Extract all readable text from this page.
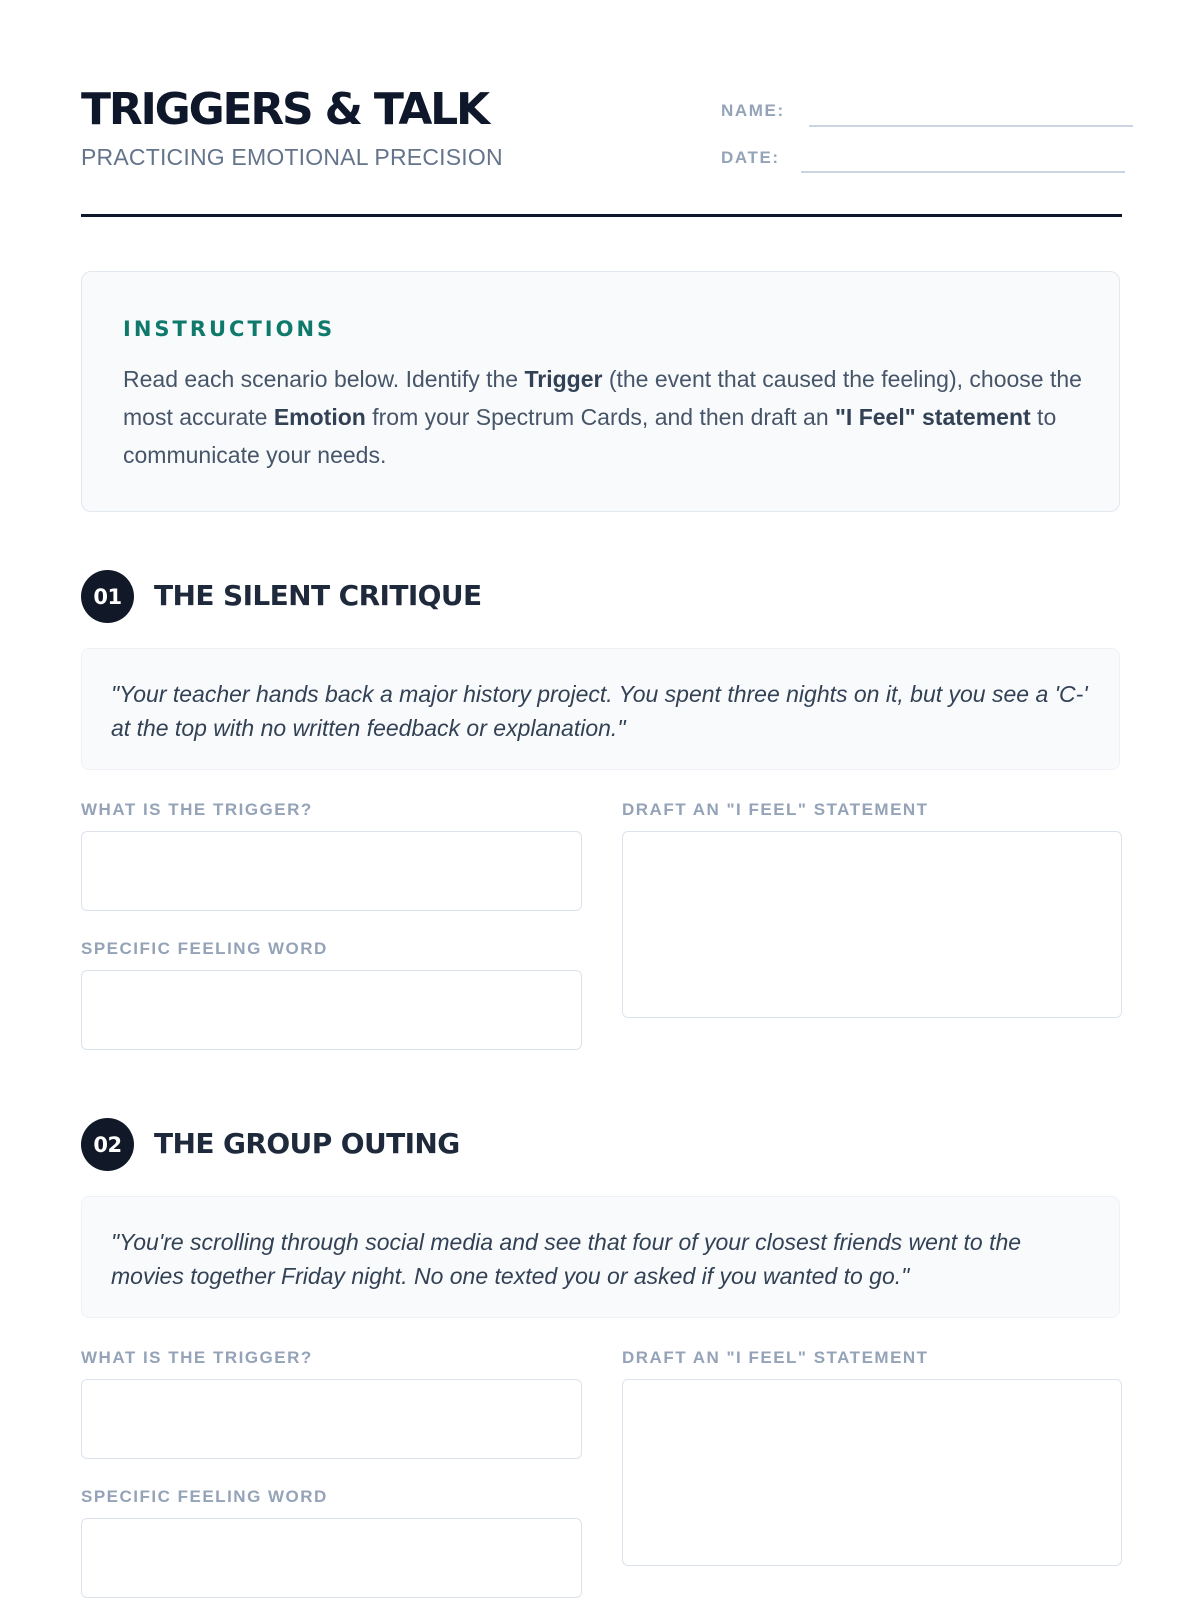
TRIGGERS & TALK
PRACTICING EMOTIONAL PRECISION
NAME:
DATE:
INSTRUCTIONS

Read each scenario below. Identify the Trigger (the event that caused the feeling), choose the most accurate Emotion from your Spectrum Cards, and then draft an "I Feel" statement to communicate your needs.

01	THE SILENT CRITIQUE
"Your teacher hands back a major history project. You spent three nights on it, but you see a 'C-' at the top with no written feedback or explanation."
WHAT IS THE TRIGGER?
SPECIFIC FEELING WORD
DRAFT AN "I FEEL" STATEMENT
02	THE GROUP OUTING
"You're scrolling through social media and see that four of your closest friends went to the movies together Friday night. No one texted you or asked if you wanted to go."
WHAT IS THE TRIGGER?
SPECIFIC FEELING WORD
DRAFT AN "I FEEL" STATEMENT
